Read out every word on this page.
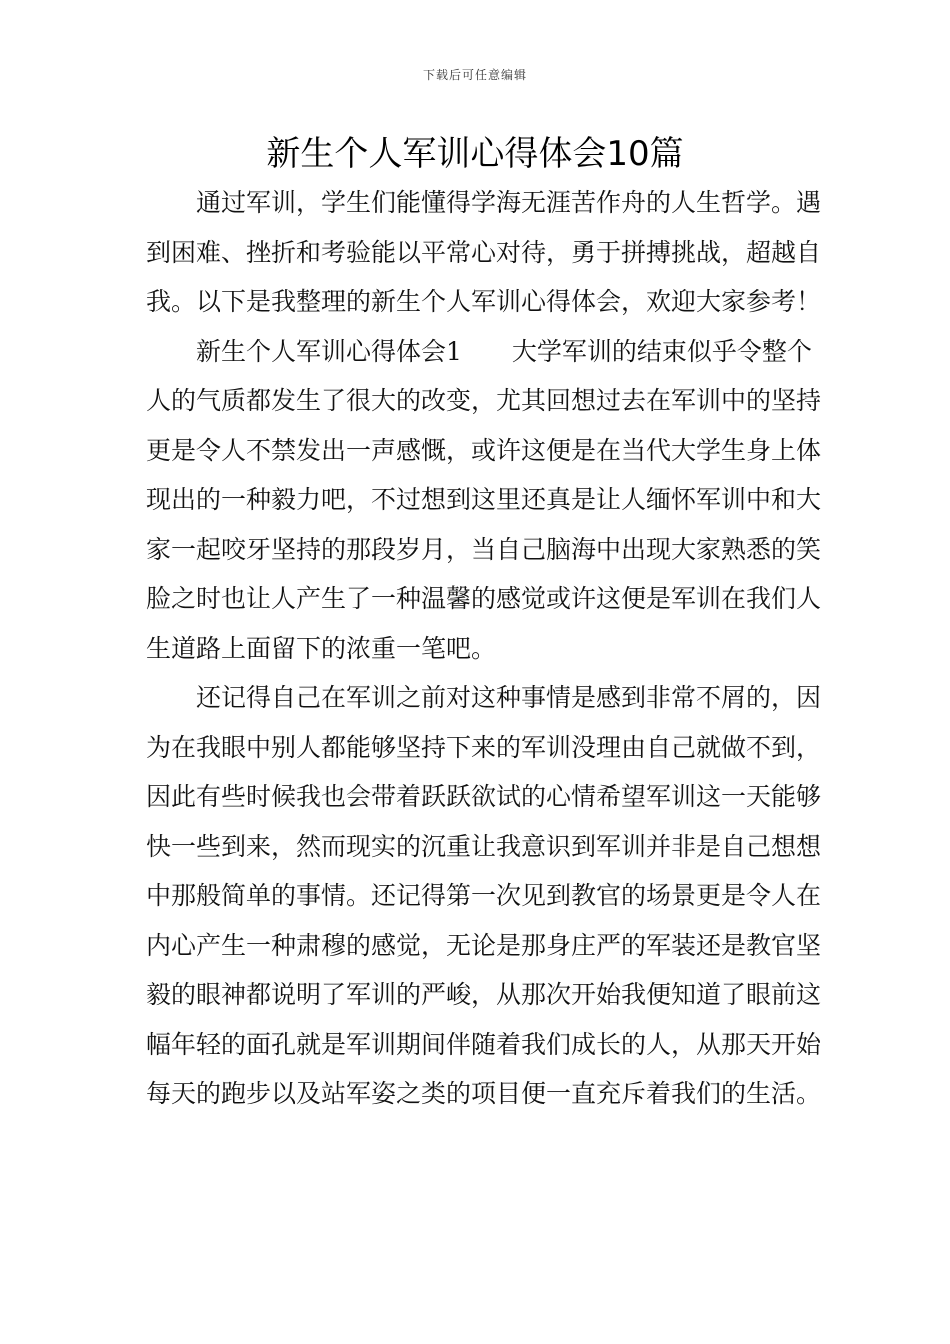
下载后可任意编辑
新生个人军训心得体会10篇

通过军训，学生们能懂得学海无涯苦作舟的人生哲学。遇到困难、挫折和考验能以平常心对待，勇于拼搏挑战，超越自我。以下是我整理的新生个人军训心得体会，欢迎大家参考！

新生个人军训心得体会1　　大学军训的结束似乎令整个人的气质都发生了很大的改变，尤其回想过去在军训中的坚持更是令人不禁发出一声感慨，或许这便是在当代大学生身上体现出的一种毅力吧，不过想到这里还真是让人缅怀军训中和大家一起咬牙坚持的那段岁月，当自己脑海中出现大家熟悉的笑脸之时也让人产生了一种温馨的感觉或许这便是军训在我们人生道路上面留下的浓重一笔吧。

还记得自己在军训之前对这种事情是感到非常不屑的，因为在我眼中别人都能够坚持下来的军训没理由自己就做不到，因此有些时候我也会带着跃跃欲试的心情希望军训这一天能够快一些到来，然而现实的沉重让我意识到军训并非是自己想想中那般简单的事情。还记得第一次见到教官的场景更是令人在内心产生一种肃穆的感觉，无论是那身庄严的军装还是教官坚毅的眼神都说明了军训的严峻，从那次开始我便知道了眼前这幅年轻的面孔就是军训期间伴随着我们成长的人，从那天开始每天的跑步以及站军姿之类的项目便一直充斥着我们的生活。
